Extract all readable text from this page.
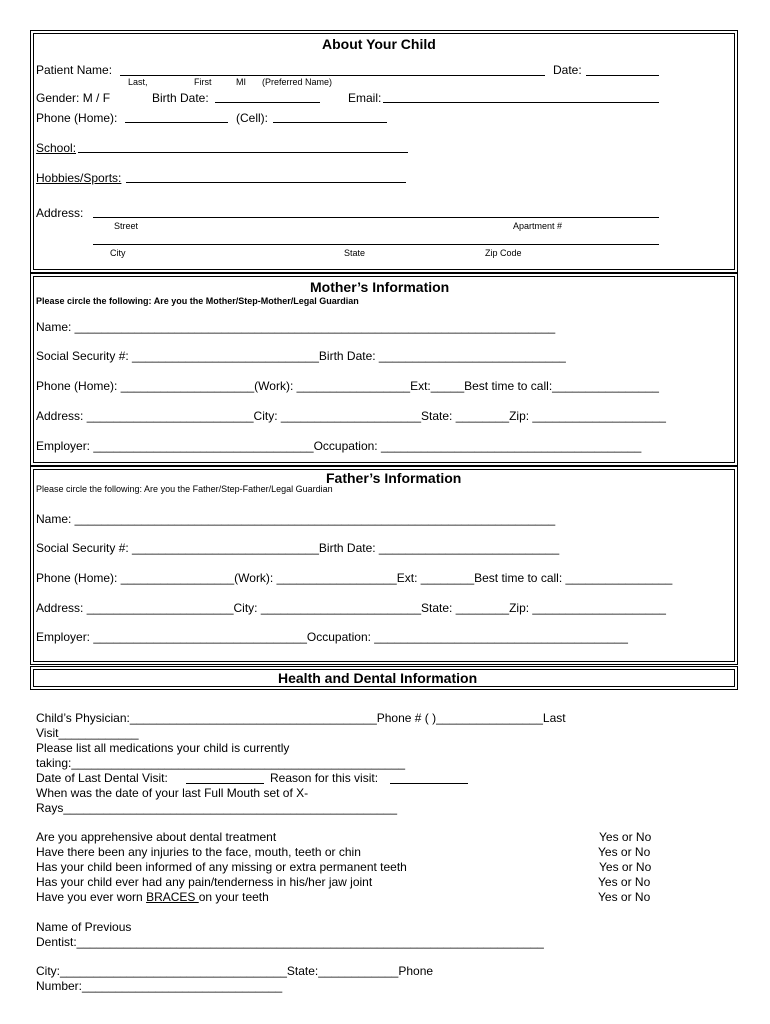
About Your Child
Patient Name:	Date:
Last,	First	MI (Preferred Name)
Gender: M / F	Birth Date:	Email:
Phone (Home):	(Cell):
School:
Hobbies/Sports:
Address:
Street	Apartment #
City	State	Zip Code
Mother’s Information
Please circle the following: Are you the Mother/Step-Mother/Legal Guardian
Name: ________________________________________________________________________
Social Security #: ____________________________Birth Date: ____________________________
Phone (Home): ____________________(Work): _________________Ext:_____Best time to call:________________
Address: _________________________City: _____________________State: ________Zip: ____________________
Employer: _________________________________Occupation: _______________________________________
Father’s Information
Please circle the following: Are you the Father/Step-Father/Legal Guardian
Name: ________________________________________________________________________
Social Security #: ____________________________Birth Date: ___________________________
Phone (Home): _________________(Work): __________________Ext: ________Best time to call: ________________
Address: ______________________City: ________________________State: ________Zip: ____________________
Employer: ________________________________Occupation: ______________________________________
Health and Dental Information
Child’s Physician:_____________________________________Phone # ( )________________Last
Visit____________
Please list all medications your child is currently
taking:__________________________________________________
Date of Last Dental Visit:	Reason for this visit:
When was the date of your last Full Mouth set of X-
Rays__________________________________________________
Are you apprehensive about dental treatment	Yes or No
Have there been any injuries to the face, mouth, teeth or chin	Yes or No
Has your child been informed of any missing or extra permanent teeth	Yes or No
Has your child ever had any pain/tenderness in his/her jaw joint	Yes or No
Have you ever worn BRACES on your teeth	Yes or No
Name of Previous
Dentist:______________________________________________________________________
City:__________________________________State:____________Phone
Number:______________________________
